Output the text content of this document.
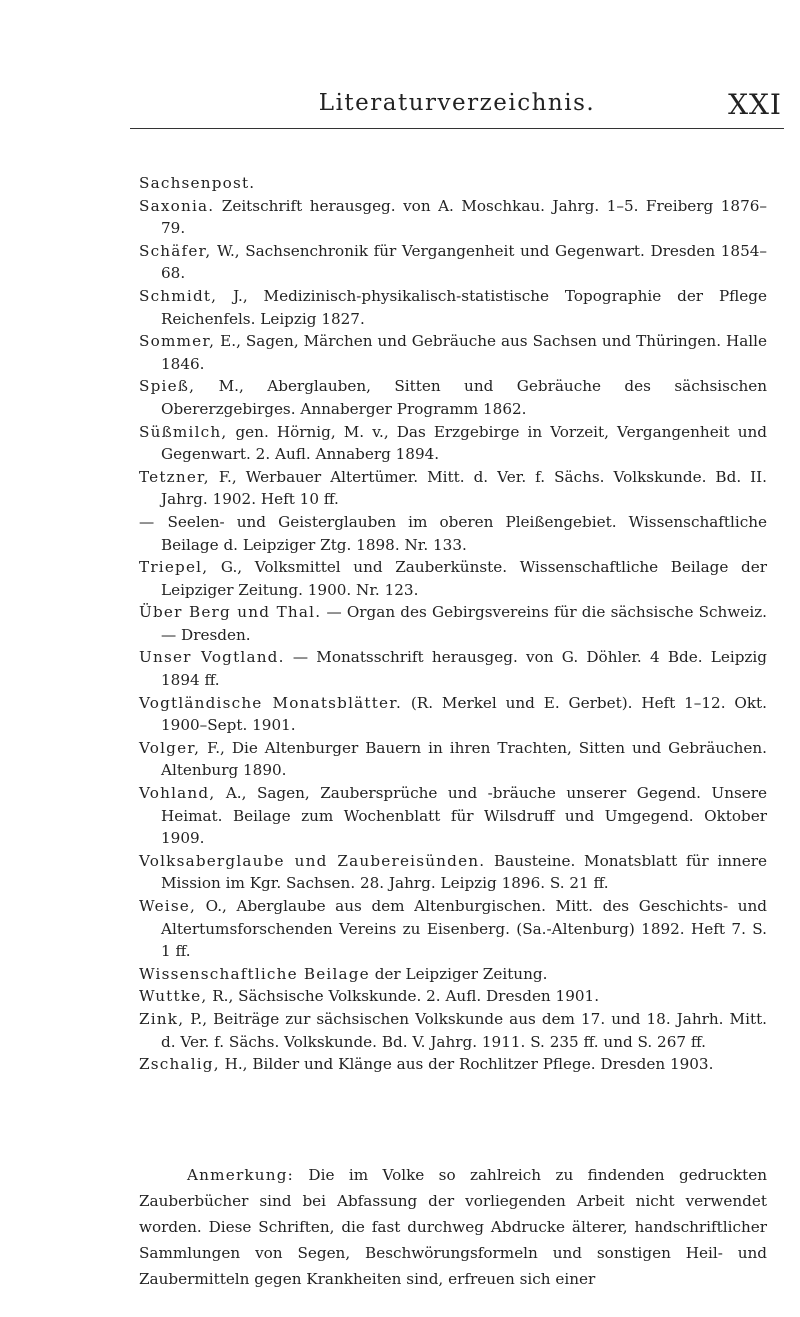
Literaturverzeichnis.	XXI

Sachsenpost.

Saxonia. Zeitschrift herausgeg. von A. Moschkau. Jahrg. 1–5. Freiberg 1876–79.

Schäfer, W., Sachsenchronik für Vergangenheit und Gegenwart. Dresden 1854–68.

Schmidt, J., Medizinisch-physikalisch-statistische Topographie der Pflege Reichenfels. Leipzig 1827.

Sommer, E., Sagen, Märchen und Gebräuche aus Sachsen und Thüringen. Halle 1846.

Spieß, M., Aberglauben, Sitten und Gebräuche des sächsischen Obererzgebirges. Annaberger Programm 1862.

Süßmilch, gen. Hörnig, M. v., Das Erzgebirge in Vorzeit, Vergangenheit und Gegenwart. 2. Aufl. Annaberg 1894.

Tetzner, F., Werbauer Altertümer. Mitt. d. Ver. f. Sächs. Volkskunde. Bd. II. Jahrg. 1902. Heft 10 ff.

— Seelen- und Geisterglauben im oberen Pleißengebiet. Wissenschaftliche Beilage d. Leipziger Ztg. 1898. Nr. 133.

Triepel, G., Volksmittel und Zauberkünste. Wissenschaftliche Beilage der Leipziger Zeitung. 1900. Nr. 123.

Über Berg und Thal. — Organ des Gebirgsvereins für die sächsische Schweiz. — Dresden.

Unser Vogtland. — Monatsschrift herausgeg. von G. Döhler. 4 Bde. Leipzig 1894 ff.

Vogtländische Monatsblätter. (R. Merkel und E. Gerbet). Heft 1–12. Okt. 1900–Sept. 1901.

Volger, F., Die Altenburger Bauern in ihren Trachten, Sitten und Gebräuchen. Altenburg 1890.

Vohland, A., Sagen, Zaubersprüche und -bräuche unserer Gegend. Unsere Heimat. Beilage zum Wochenblatt für Wilsdruff und Umgegend. Oktober 1909.

Volksaberglaube und Zaubereisünden. Bausteine. Monatsblatt für innere Mission im Kgr. Sachsen. 28. Jahrg. Leipzig 1896. S. 21 ff.

Weise, O., Aberglaube aus dem Altenburgischen. Mitt. des Geschichts- und Altertumsforschenden Vereins zu Eisenberg. (Sa.-Altenburg) 1892. Heft 7. S. 1 ff.

Wissenschaftliche Beilage der Leipziger Zeitung.

Wuttke, R., Sächsische Volkskunde. 2. Aufl. Dresden 1901.

Zink, P., Beiträge zur sächsischen Volkskunde aus dem 17. und 18. Jahrh. Mitt. d. Ver. f. Sächs. Volkskunde. Bd. V. Jahrg. 1911. S. 235 ff. und S. 267 ff.

Zschalig, H., Bilder und Klänge aus der Rochlitzer Pflege. Dresden 1903.

Anmerkung: Die im Volke so zahlreich zu findenden gedruckten Zauberbücher sind bei Abfassung der vorliegenden Arbeit nicht verwendet worden. Diese Schriften, die fast durchweg Abdrucke älterer, handschriftlicher Sammlungen von Segen, Beschwörungsformeln und sonstigen Heil- und Zaubermitteln gegen Krankheiten sind, erfreuen sich einer
